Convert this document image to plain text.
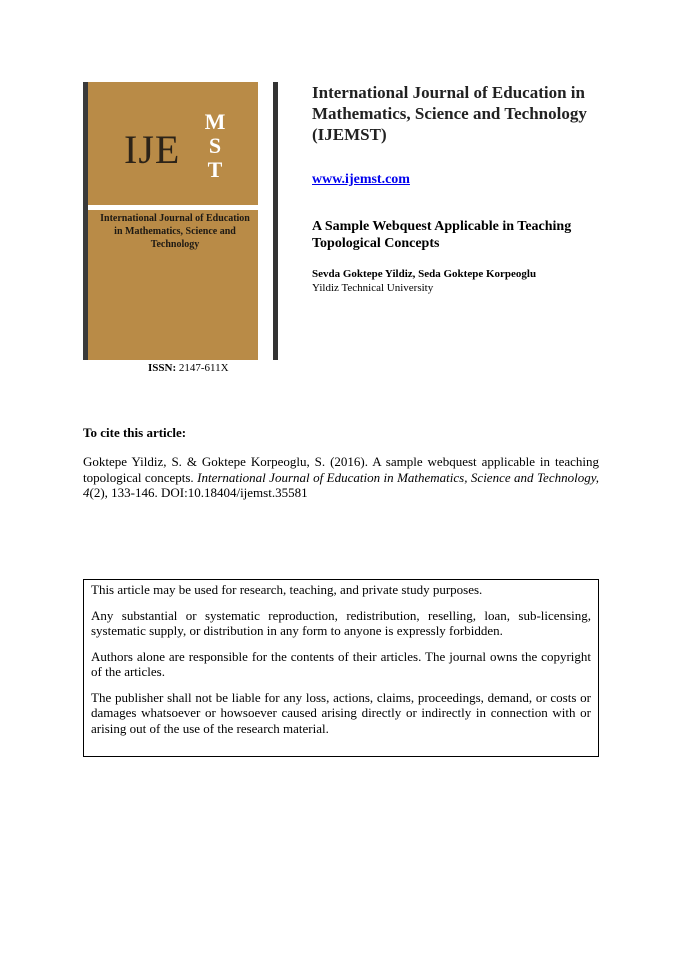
IJE
M
S
T
International Journal of Education in Mathematics, Science and Technology
ISSN: 2147-611X
International Journal of Education in Mathematics, Science and Technology (IJEMST)
www.ijemst.com
A Sample Webquest Applicable in Teaching Topological Concepts
Sevda Goktepe Yildiz, Seda Goktepe Korpeoglu
Yildiz Technical University
To cite this article:
Goktepe Yildiz, S. & Goktepe Korpeoglu, S. (2016). A sample webquest applicable in teaching topological concepts. International Journal of Education in Mathematics, Science and Technology, 4(2), 133-146. DOI:10.18404/ijemst.35581

This article may be used for research, teaching, and private study purposes.

Any substantial or systematic reproduction, redistribution, reselling, loan, sub-licensing, systematic supply, or distribution in any form to anyone is expressly forbidden.

Authors alone are responsible for the contents of their articles. The journal owns the copyright of the articles.

The publisher shall not be liable for any loss, actions, claims, proceedings, demand, or costs or damages whatsoever or howsoever caused arising directly or indirectly in connection with or arising out of the use of the research material.
